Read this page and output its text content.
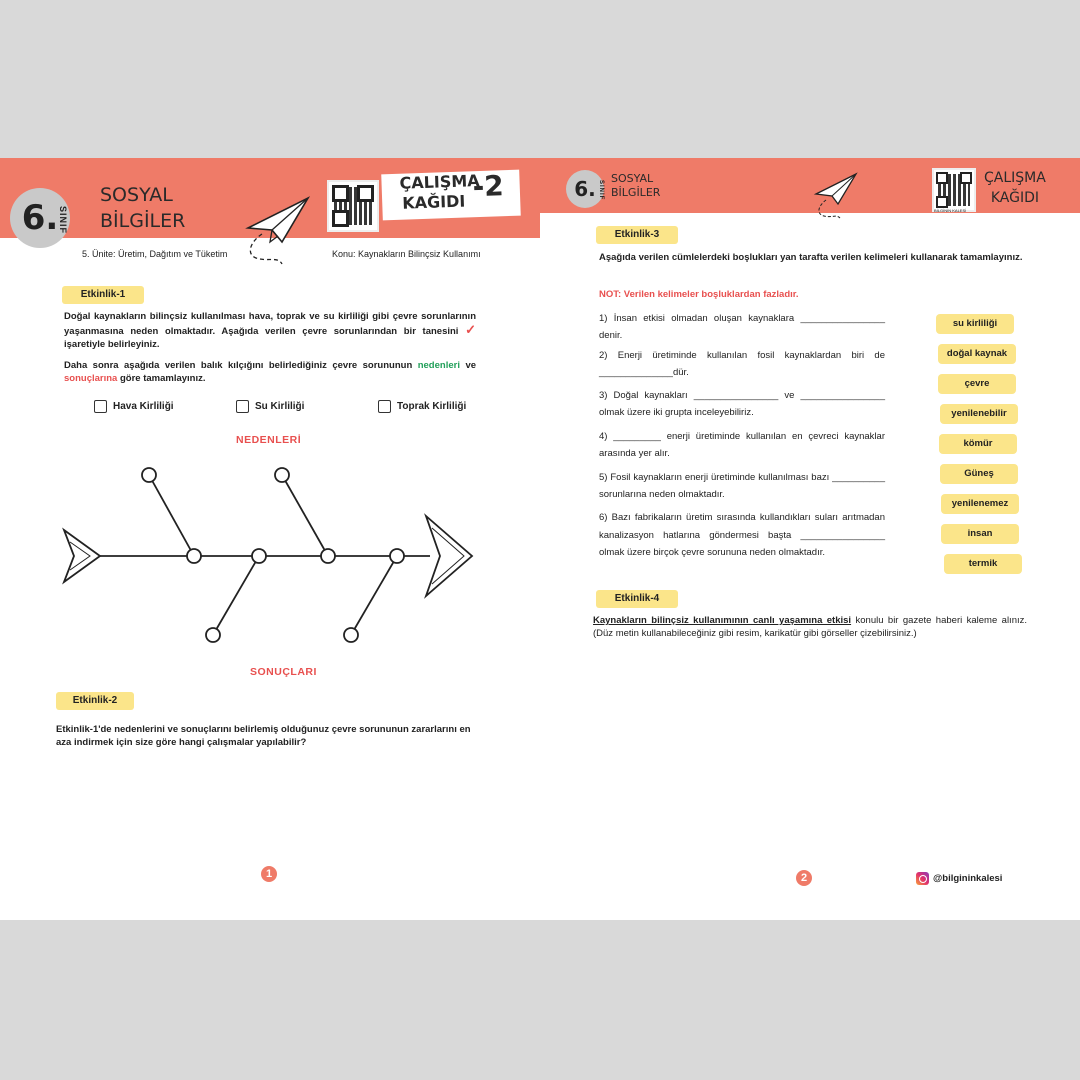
6. SINIF
SOSYAL
BİLGİLER
ÇALIŞMA
KAĞIDI -2
5. Ünite: Üretim, Dağıtım ve Tüketim	Konu: Kaynakların Bilinçsiz Kullanımı
Etkinlik-1
Doğal kaynakların bilinçsiz kullanılması hava, toprak ve su kirliliği gibi çevre sorunlarının yaşanmasına neden olmaktadır. Aşağıda verilen çevre sorunlarından bir tanesini ✓ işaretiyle belirleyiniz.
Daha sonra aşağıda verilen balık kılçığını belirlediğiniz çevre sorununun nedenleri ve sonuçlarına göre tamamlayınız.
Hava Kirliliği	Su Kirliliği	Toprak Kirliliği
NEDENLERİ
SONUÇLARI
Etkinlik-2
Etkinlik-1'de nedenlerini ve sonuçlarını belirlemiş olduğunuz çevre sorununun zararlarını en aza indirmek için size göre hangi çalışmalar yapılabilir?
1
6. SINIF
SOSYAL
BİLGİLER
BİLGİNİN KALESİ
ÇALIŞMA
KAĞIDI
Etkinlik-3
Aşağıda verilen cümlelerdeki boşlukları yan tarafta verilen kelimeleri kullanarak tamamlayınız.
NOT: Verilen kelimeler boşluklardan fazladır.
1) İnsan etkisi olmadan oluşan kaynaklara ________________ denir.
2) Enerji üretiminde kullanılan fosil kaynaklardan biri de ______________dür.
3) Doğal kaynakları ________________ ve ________________ olmak üzere iki grupta inceleyebiliriz.
4) _________ enerji üretiminde kullanılan en çevreci kaynaklar arasında yer alır.
5) Fosil kaynakların enerji üretiminde kullanılması bazı __________ sorunlarına neden olmaktadır.
6) Bazı fabrikaların üretim sırasında kullandıkları suları arıtmadan kanalizasyon hatlarına göndermesi başta ________________ olmak üzere birçok çevre sorununa neden olmaktadır.
su kirliliği
doğal kaynak
çevre
yenilenebilir
kömür
Güneş
yenilenemez
insan
termik
Etkinlik-4
Kaynakların bilinçsiz kullanımının canlı yaşamına etkisi konulu bir gazete haberi kaleme alınız. (Düz metin kullanabileceğiniz gibi resim, karikatür gibi görseller çizebilirsiniz.)
2	@bilgininkalesi
